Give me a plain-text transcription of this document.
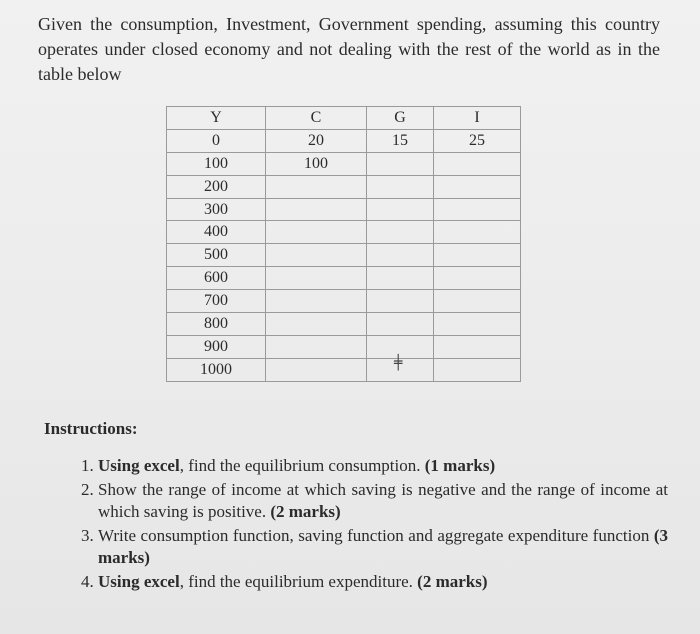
Given the consumption, Investment, Government spending, assuming this country operates under closed economy and not dealing with the rest of the world as in the table below
Y	C	G	I
0	20	15	25
100	100		
200			
300			
400			
500			
600			
700			
800			
900			
1000				╪
Instructions:
1. Using excel, find the equilibrium consumption. (1 marks)
2. Show the range of income at which saving is negative and the range of income at which saving is positive. (2 marks)
3. Write consumption function, saving function and aggregate expenditure function (3 marks)
4. Using excel, find the equilibrium expenditure. (2 marks)
